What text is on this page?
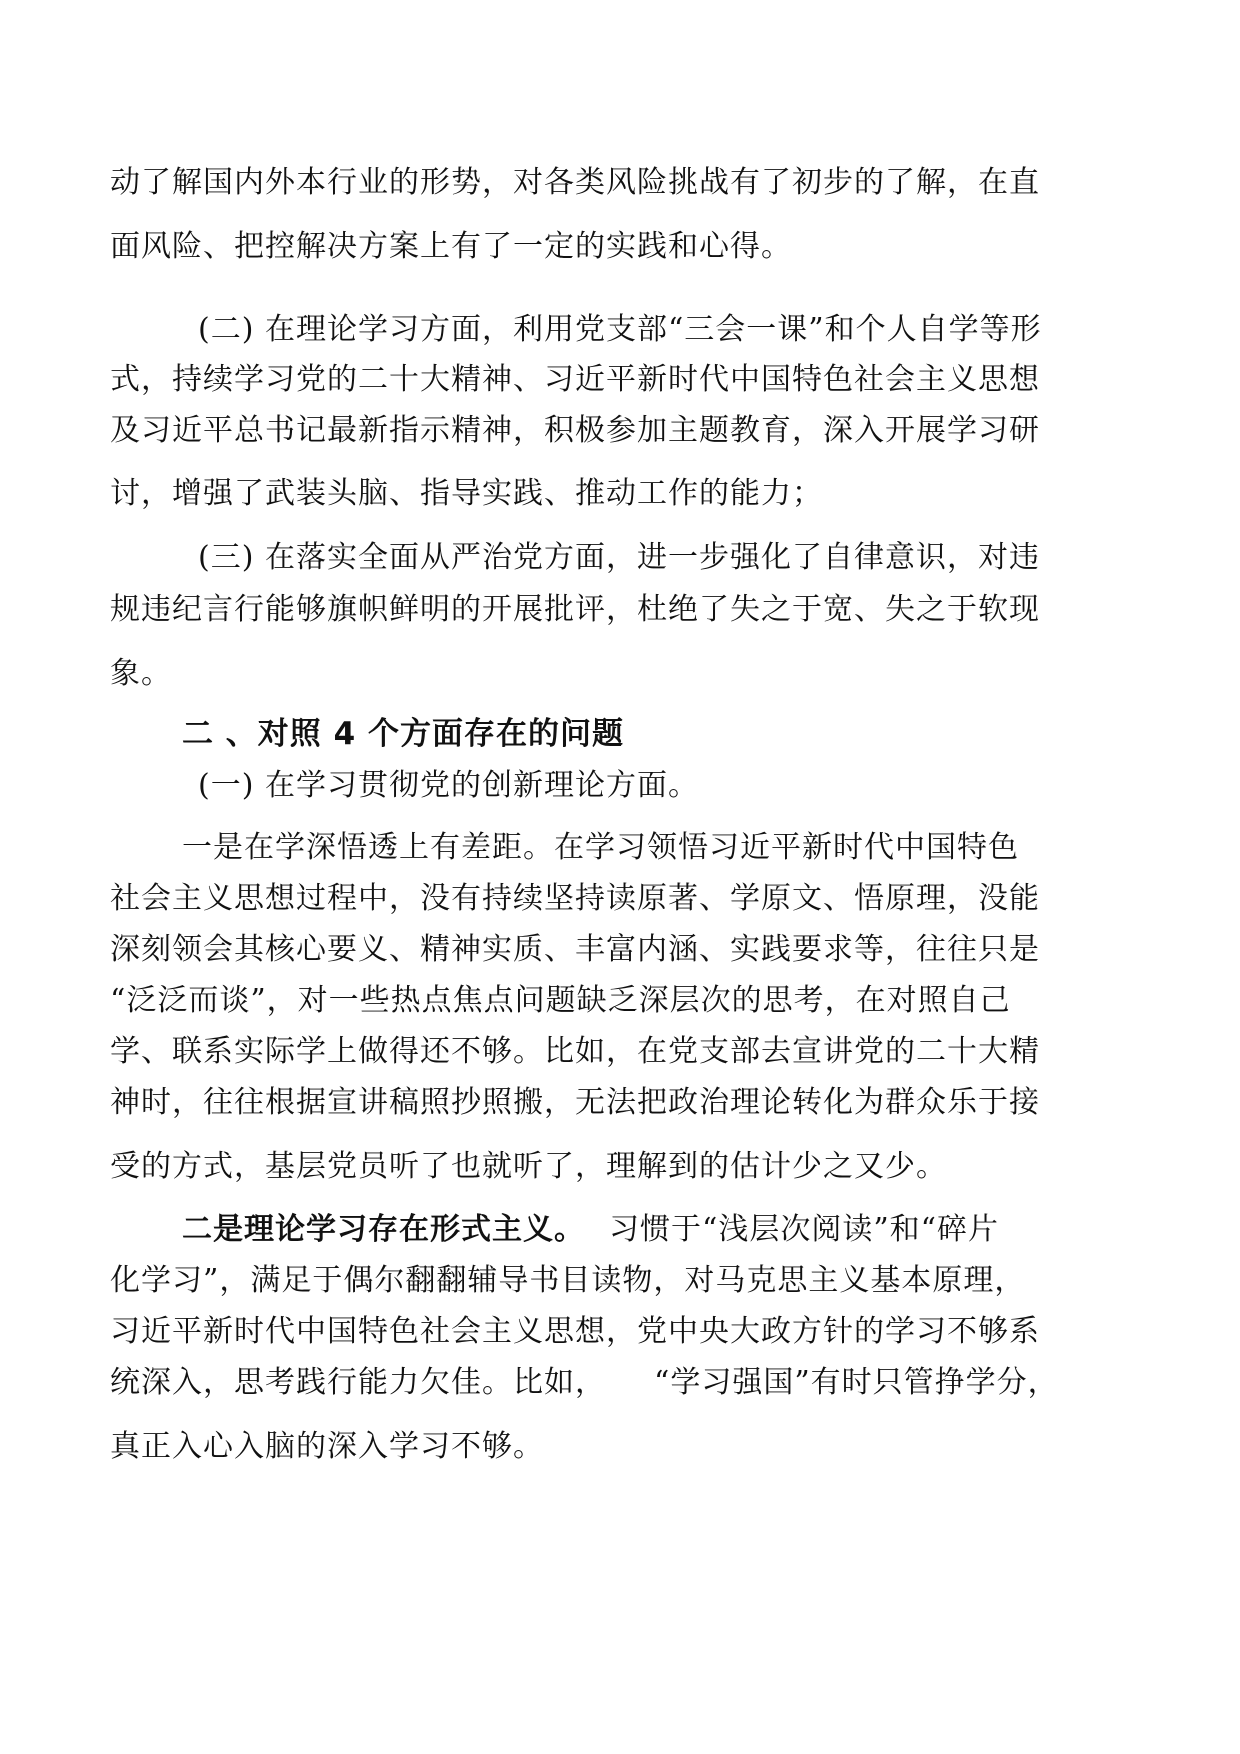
动了解国内外本行业的形势，对各类风险挑战有了初步的了解，在直
面风险、把控解决方案上有了一定的实践和心得。
(二) 在理论学习方面，利用党支部“三会一课”和个人自学等形
式，持续学习党的二十大精神、习近平新时代中国特色社会主义思想
及习近平总书记最新指示精神，积极参加主题教育，深入开展学习研
讨，增强了武装头脑、指导实践、推动工作的能力；
(三) 在落实全面从严治党方面，进一步强化了自律意识，对违
规违纪言行能够旗帜鲜明的开展批评，杜绝了失之于宽、失之于软现
象。
二 、对照 4 个方面存在的问题
(一) 在学习贯彻党的创新理论方面。
一是在学深悟透上有差距。在学习领悟习近平新时代中国特色
社会主义思想过程中，没有持续坚持读原著、学原文、悟原理，没能
深刻领会其核心要义、精神实质、丰富内涵、实践要求等，往往只是
“泛泛而谈”，对一些热点焦点问题缺乏深层次的思考，在对照自己
学、联系实际学上做得还不够。比如，在党支部去宣讲党的二十大精
神时，往往根据宣讲稿照抄照搬，无法把政治理论转化为群众乐于接
受的方式，基层党员听了也就听了，理解到的估计少之又少。
二是理论学习存在形式主义。 习惯于“浅层次阅读”和“碎片
化学习”，满足于偶尔翻翻辅导书目读物，对马克思主义基本原理，
习近平新时代中国特色社会主义思想，党中央大政方针的学习不够系
统深入，思考践行能力欠佳。比如， “学习强国”有时只管挣学分，
真正入心入脑的深入学习不够。
